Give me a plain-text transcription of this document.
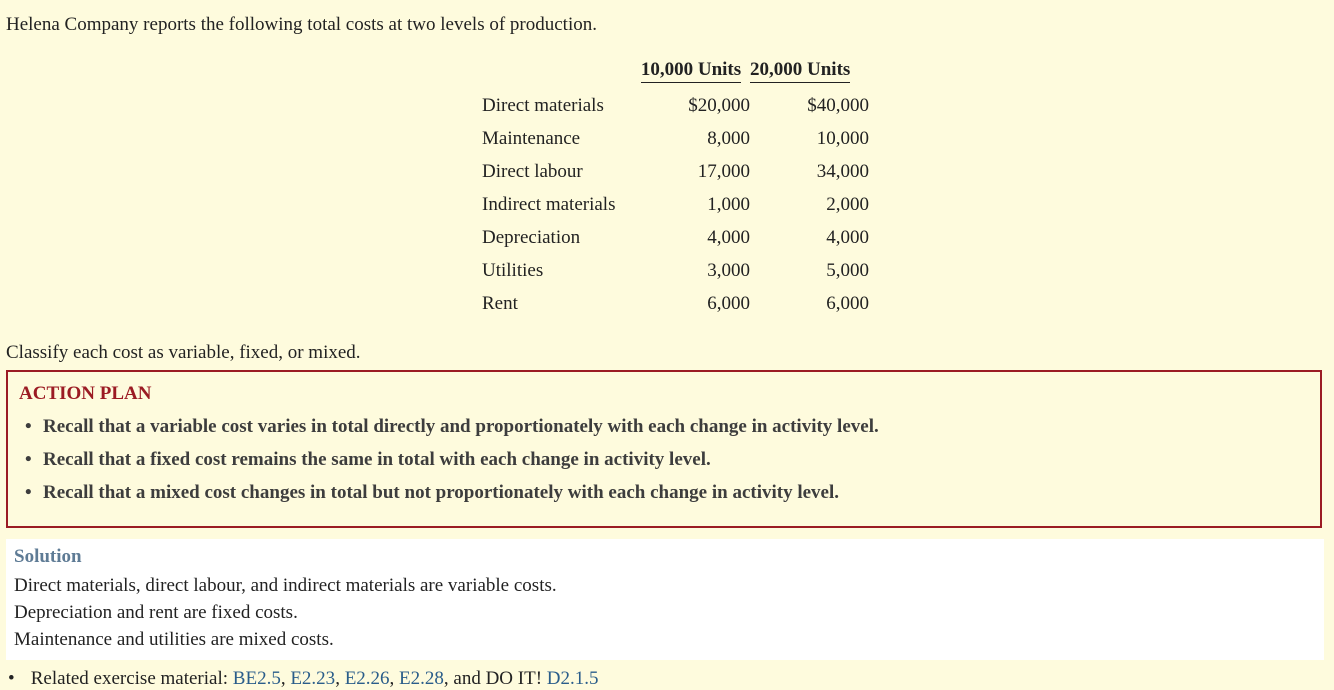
Helena Company reports the following total costs at two levels of production.

	10,000 Units	20,000 Units
Direct materials	$20,000	$40,000
Maintenance	8,000	10,000
Direct labour	17,000	34,000
Indirect materials	1,000	2,000
Depreciation	4,000	4,000
Utilities	3,000	5,000
Rent	6,000	6,000

Classify each cost as variable, fixed, or mixed.

ACTION PLAN
• Recall that a variable cost varies in total directly and proportionately with each change in activity level.
• Recall that a fixed cost remains the same in total with each change in activity level.
• Recall that a mixed cost changes in total but not proportionately with each change in activity level.
Solution
Direct materials, direct labour, and indirect materials are variable costs.
Depreciation and rent are fixed costs.
Maintenance and utilities are mixed costs.
• Related exercise material: BE2.5, E2.23, E2.26, E2.28, and DO IT! D2.1.5
